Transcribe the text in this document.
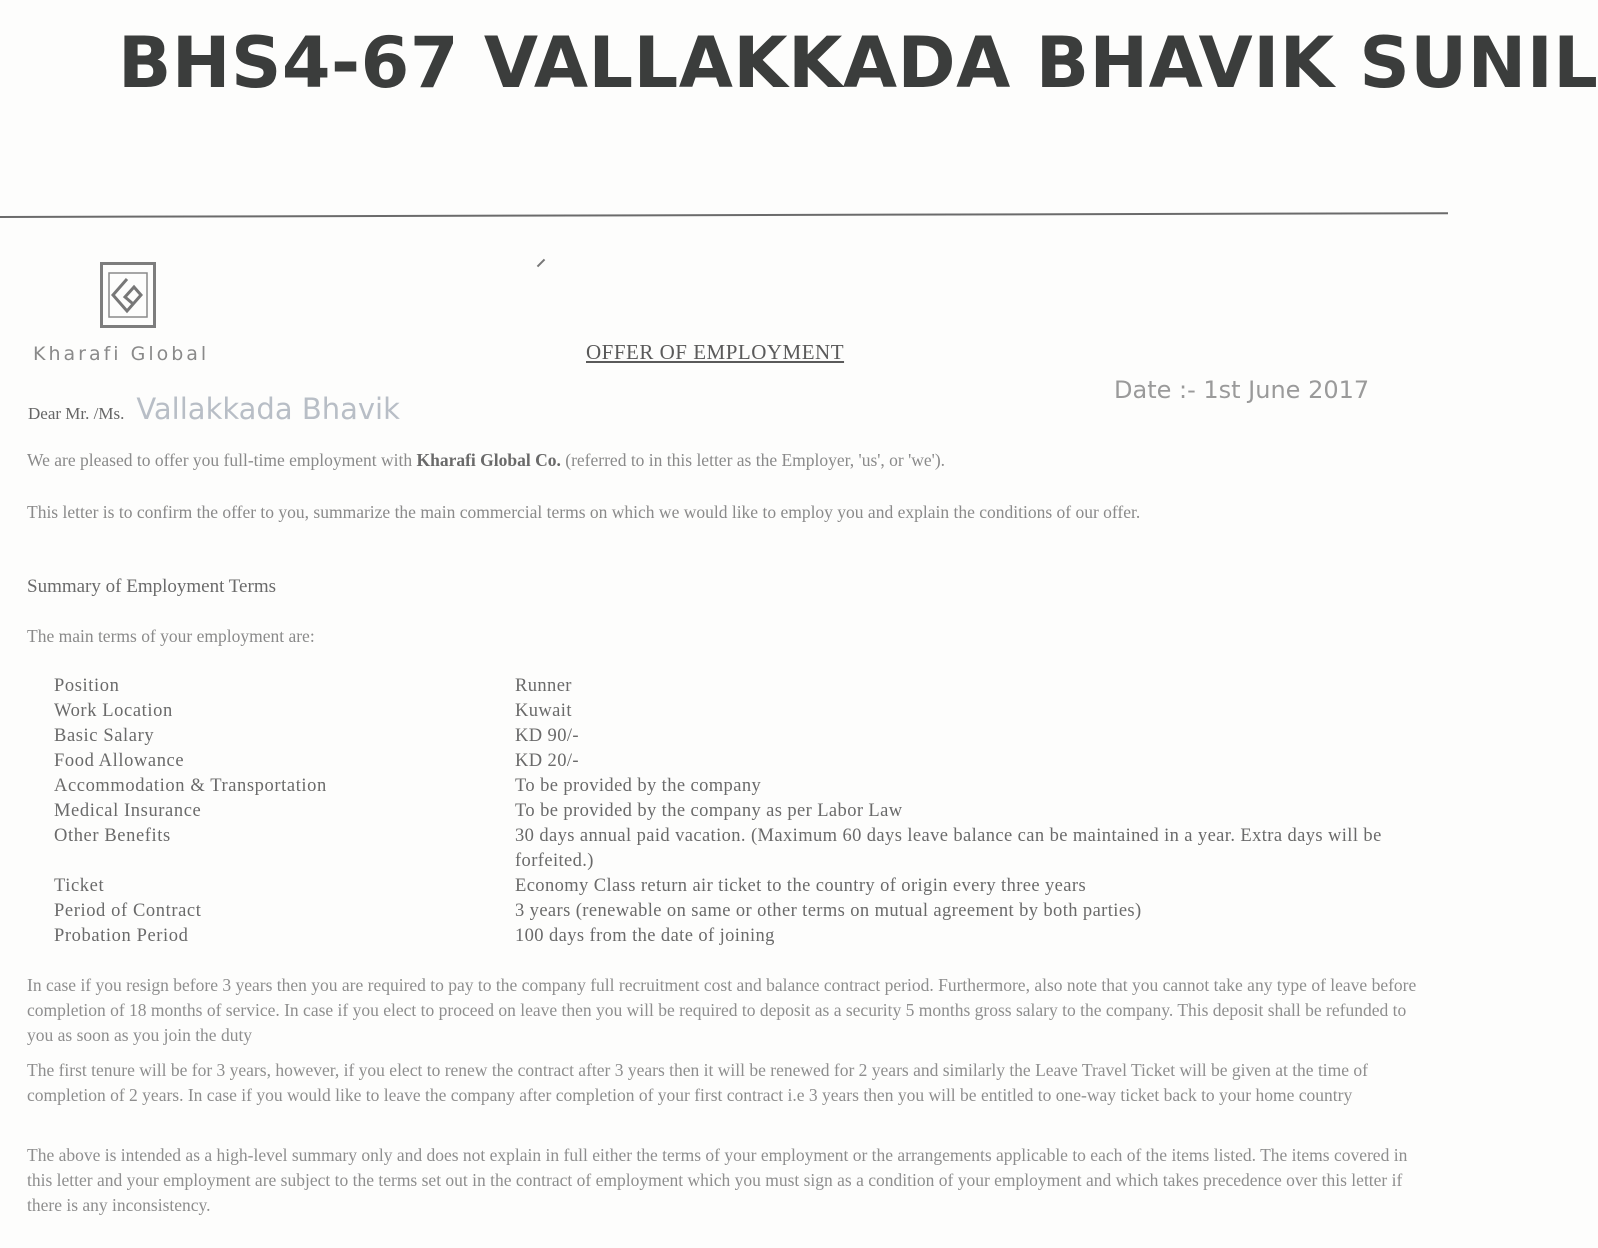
BHS4-67 VALLAKKADA BHAVIK SUNIL
Kharafi Global	OFFER OF EMPLOYMENT
Date :- 1st June 2017
Dear Mr. /Ms. Vallakkada Bhavik
We are pleased to offer you full-time employment with Kharafi Global Co. (referred to in this letter as the Employer, 'us', or 'we').
This letter is to confirm the offer to you, summarize the main commercial terms on which we would like to employ you and explain the conditions of our offer.
Summary of Employment Terms
The main terms of your employment are:
Position	Runner
Work Location	Kuwait
Basic Salary	KD 90/-
Food Allowance	KD 20/-
Accommodation & Transportation	To be provided by the company
Medical Insurance	To be provided by the company as per Labor Law
Other Benefits	30 days annual paid vacation. (Maximum 60 days leave balance can be maintained in a year. Extra days will be forfeited.)
Ticket	Economy Class return air ticket to the country of origin every three years
Period of Contract	3 years (renewable on same or other terms on mutual agreement by both parties)
Probation Period	100 days from the date of joining
In case if you resign before 3 years then you are required to pay to the company full recruitment cost and balance contract period. Furthermore, also note that you cannot take any type of leave before completion of 18 months of service. In case if you elect to proceed on leave then you will be required to deposit as a security 5 months gross salary to the company. This deposit shall be refunded to you as soon as you join the duty
The first tenure will be for 3 years, however, if you elect to renew the contract after 3 years then it will be renewed for 2 years and similarly the Leave Travel Ticket will be given at the time of completion of 2 years. In case if you would like to leave the company after completion of your first contract i.e 3 years then you will be entitled to one-way ticket back to your home country
The above is intended as a high-level summary only and does not explain in full either the terms of your employment or the arrangements applicable to each of the items listed. The items covered in this letter and your employment are subject to the terms set out in the contract of employment which you must sign as a condition of your employment and which takes precedence over this letter if there is any inconsistency.
